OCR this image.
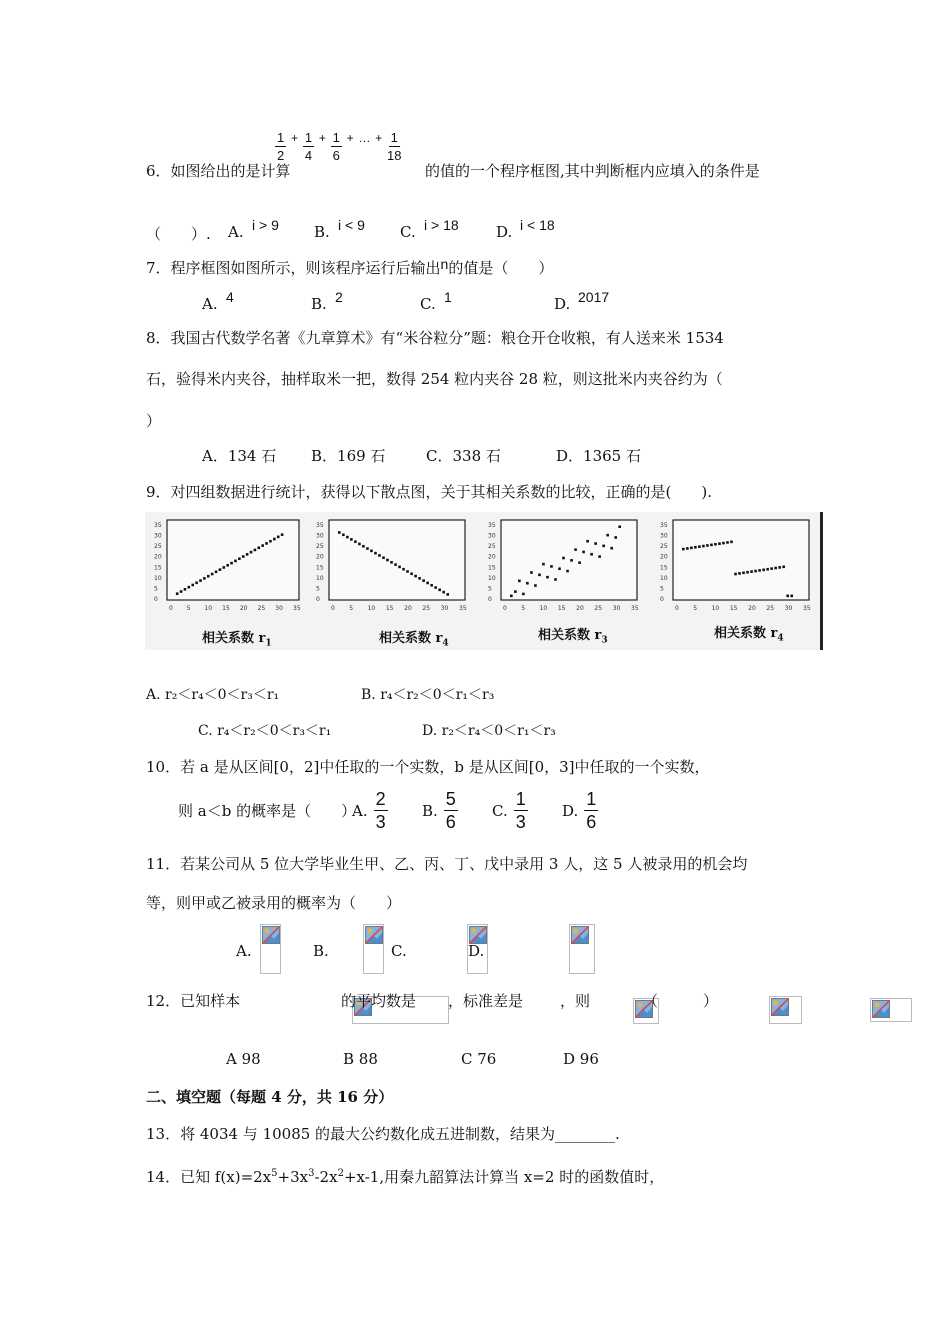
$\frac{1}{2} + \frac{1}{4} + \frac{1}{6}$ + … + $\frac{1}{18}$
6．如图给出的是计算	的值的一个程序框图,其中判断框内应填入的条件是
（　　）. A. i > 9 B. i < 9 C. i > 18 D. i < 18
7．程序框图如图所示，则该程序运行后输出n的值是（　　）
A. 4	B. 2	C. 1	D. 2017
8．我国古代数学名著《九章算术》有“米谷粒分”题：粮仓开仓收粮，有人送来米 1534
石，验得米内夹谷，抽样取米一把，数得 254 粒内夹谷 28 粒，则这批米内夹谷约为（
）
A．134 石 B．169 石	C．338 石	D．1365 石
9．对四组数据进行统计，获得以下散点图，关于其相关系数的比较，正确的是(　　).
35
30
25
20
15
10
5
0
0 5 10 15 20 25 30 35
35
30
25
20
15
10
5
0
0 5 10 15 20 25 30 35
35
30
25
20
15
10
5
0
0 5 10 15 20 25 30 35
35
30
25
20
15
10
5
0
0 5 10 15 20 25 30 35
相关系数 $r_1$	相关系数 $r_4$
相关系数 $r_3$	相关系数 $r_4$
A. r₂＜r₄＜0＜r₃＜r₁	B. r₄＜r₂＜0＜r₁＜r₃
C. r₄＜r₂＜0＜r₃＜r₁	D. r₂＜r₄＜0＜r₁＜r₃
10．若 a 是从区间[0，2]中任取的一个实数，b 是从区间[0，3]中任取的一个实数，
则 a＜b 的概率是（　　）
A. $\frac{2}{3} B$. $\frac{5}{6} C$. $\frac{1}{3} D$. $\frac{1}{6}$
11．若某公司从 5 位大学毕业生甲、乙、丙、丁、戊中录用 3 人，这 5 人被录用的机会均
等，则甲或乙被录用的概率为（　　）
A.
	B.
	C.
	D.

12．已知样本
	的平均数是
，标准差是
，则
	（　　　）
A 98	B 88	C 76	D 96
二、填空题（每题 4 分，共 16 分）
13．将 4034 与 10085 的最大公约数化成五进制数，结果为________.
14．已知 $f(x)=2x^5+3x^3-2x^2+x-1$,用秦九韶算法计算当 x=2 时的函数值时，
